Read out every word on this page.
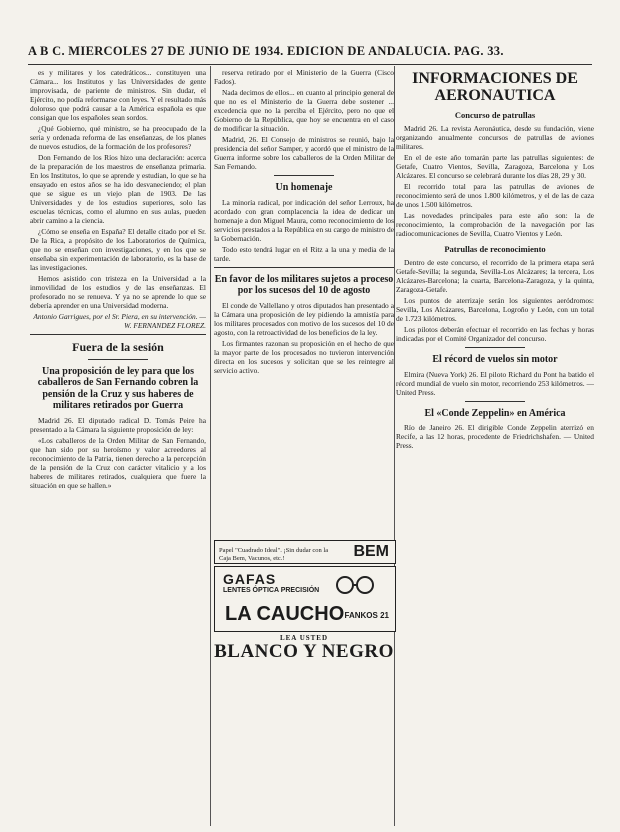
A B C. MIERCOLES 27 DE JUNIO DE 1934. EDICION DE ANDALUCIA. PAG. 33.

es y militares y los catedráticos... constituyen una Cámara... los Institutos y las Universidades de gente improvisada, de pariente de ministros. Sin dudar, el Ejército, no podía reformarse con leyes. Y el resultado más doloroso que podrá causar a la América española es que consigan que los españoles sean sordos.

¿Qué Gobierno, qué ministro, se ha preocupado de la seria y ordenada reforma de las enseñanzas, de los planes de nuevos estudios, de la formación de los profesores?

Don Fernando de los Ríos hizo una declaración: acerca de la preparación de los maestros de enseñanza primaria. En los Institutos, lo que se aprende y estudian, lo que se ha ensayado en estos años se ha ido desvaneciendo; el plan que se sigue es un viejo plan de 1903. De las Universidades y de los estudios superiores, solo las escuelas técnicas, como el alumno en sus aulas, pueden abrir camino a la ciencia.

¿Cómo se enseña en España? El detalle citado por el Sr. De la Rica, a propósito de los Laboratorios de Química, que no se enseñan con investigaciones, y en los que se enseñaba sin experimentación de laboratorio, es la base de las investigaciones.

Hemos asistido con tristeza en la Universidad a la inmovilidad de los estudios y de las enseñanzas. El profesorado no se renueva. Y ya no se aprende lo que se debería aprender en una Universidad moderna.

Antonio Garrigues, por el Sr. Piera, en su intervención. — W. FERNANDEZ FLOREZ.

Fuera de la sesión
Una proposición de ley para que los caballeros de San Fernando cobren la pensión de la Cruz y sus haberes de militares retirados por Guerra

Madrid 26. El diputado radical D. Tomás Peire ha presentado a la Cámara la siguiente proposición de ley:

«Los caballeros de la Orden Militar de San Fernando, que han sido por su heroísmo y valor acreedores al reconocimiento de la Patria, tienen derecho a la percepción de la pensión de la Cruz con carácter vitalicio y a los haberes de militares retirados, cualquiera que fuere la situación en que se hallen.»

reserva retirado por el Ministerio de la Guerra (Cisco Fados).

Nada decimos de ellos... en cuanto al principio general de que no es el Ministerio de la Guerra debe sostener ... excedencia que no la perciba el Ejército, pero no que el Gobierno de la República, que hoy se encuentra en el caso de modificar la situación.

Madrid, 26. El Consejo de ministros se reunió, bajo la presidencia del señor Samper, y acordó que el ministro de la Guerra informe sobre los caballeros de la Orden Militar de San Fernando.

Un homenaje

La minoría radical, por indicación del señor Lerroux, ha acordado con gran complacencia la idea de dedicar un homenaje a don Miguel Maura, como reconocimiento de los servicios prestados a la República en su cargo de ministro de la Gobernación.

Todo esto tendrá lugar en el Ritz a la una y media de la tarde.

En favor de los militares sujetos a proceso por los sucesos del 10 de agosto

El conde de Vallellano y otros diputados han presentado a la Cámara una proposición de ley pidiendo la amnistía para los militares procesados con motivo de los sucesos del 10 de agosto, con la retroactividad de los beneficios de la ley.

Los firmantes razonan su proposición en el hecho de que la mayor parte de los procesados no tuvieron intervención directa en los sucesos y solicitan que se les reintegre al servicio activo.

Papel "Cuadrado Ideal". ¡Sin dudar con la Caja Bem, Vacunos, etc.!	BEM
GAFAS
LENTES ÓPTICA PRECISIÓN
LA CAUCHO FANKOS 21
LEA USTED
BLANCO Y NEGRO
INFORMACIONES DE AERONAUTICA
Concurso de patrullas

Madrid 26. La revista Aeronáutica, desde su fundación, viene organizando anualmente concursos de patrullas de aviones militares.

En el de este año tomarán parte las patrullas siguientes: de Getafe, Cuatro Vientos, Sevilla, Zaragoza, Barcelona y Los Alcázares. El concurso se celebrará durante los días 28, 29 y 30.

El recorrido total para las patrullas de aviones de reconocimiento será de unos 1.800 kilómetros, y el de las de caza de unos 1.500 kilómetros.

Las novedades principales para este año son: la de reconocimiento, la comprobación de la navegación por las radiocomunicaciones de Sevilla, Cuatro Vientos y León.

Patrullas de reconocimiento

Dentro de este concurso, el recorrido de la primera etapa será Getafe-Sevilla; la segunda, Sevilla-Los Alcázares; la tercera, Los Alcázares-Barcelona; la cuarta, Barcelona-Zaragoza, y la quinta, Zaragoza-Getafe.

Los puntos de aterrizaje serán los siguientes aeródromos: Sevilla, Los Alcázares, Barcelona, Logroño y León, con un total de 1.723 kilómetros.

Los pilotos deberán efectuar el recorrido en las fechas y horas indicadas por el Comité Organizador del concurso.

El récord de vuelos sin motor

Elmira (Nueva York) 26. El piloto Richard du Pont ha batido el récord mundial de vuelo sin motor, recorriendo 253 kilómetros. — United Press.

El «Conde Zeppelin» en América

Río de Janeiro 26. El dirigible Conde Zeppelin aterrizó en Recife, a las 12 horas, procedente de Friedrichshafen. — United Press.
